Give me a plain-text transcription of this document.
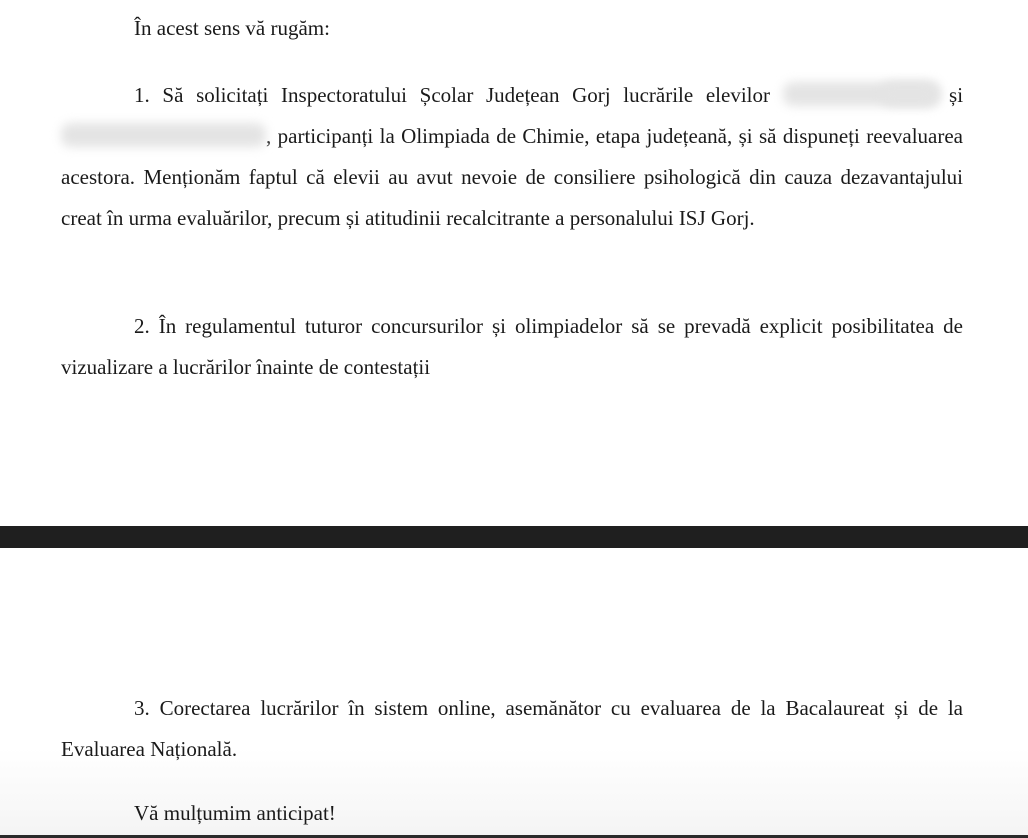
În acest sens vă rugăm:

1. Să solicitați Inspectoratului Școlar Județean Gorj lucrările elevilor	și , participanți la Olimpiada de Chimie, etapa județeană, și să dispuneți reevaluarea acestora. Menționăm faptul că elevii au avut nevoie de consiliere psihologică din cauza dezavantajului creat în urma evaluărilor, precum și atitudinii recalcitrante a personalului ISJ Gorj.

2. În regulamentul tuturor concursurilor și olimpiadelor să se prevadă explicit posibilitatea de vizualizare a lucrărilor înainte de contestații

3. Corectarea lucrărilor în sistem online, asemănător cu evaluarea de la Bacalaureat și de la Evaluarea Națională.

Vă mulțumim anticipat!
